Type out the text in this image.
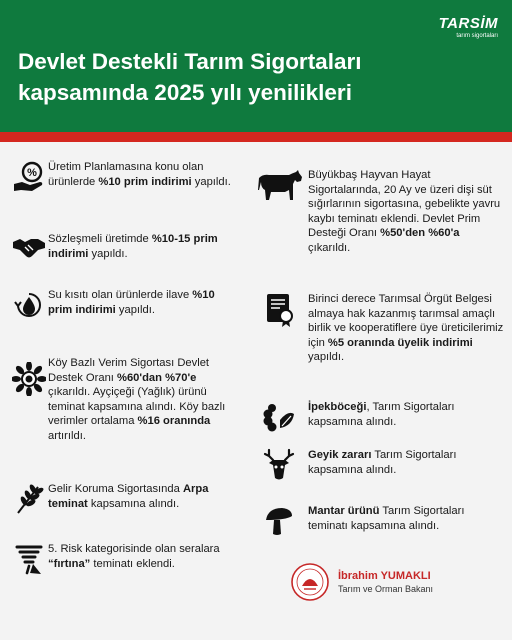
TARSİM
tarım sigortaları
Devlet Destekli Tarım Sigortaları kapsamında 2025 yılı yenilikleri
% Üretim Planlamasına konu olan ürünlerde %10 prim indirimi yapıldı.
Sözleşmeli üretimde %10-15 prim indirimi yapıldı.
Su kısıtı olan ürünlerde ilave %10 prim indirimi yapıldı.
Köy Bazlı Verim Sigortası Devlet Destek Oranı %60'dan %70'e çıkarıldı. Ayçiçeği (Yağlık) ürünü teminat kapsamına alındı. Köy bazlı verimler ortalama %16 oranında artırıldı.
Gelir Koruma Sigortasında Arpa teminat kapsamına alındı.
5. Risk kategorisinde olan seralara “fırtına” teminatı eklendi.
Büyükbaş Hayvan Hayat Sigortalarında, 20 Ay ve üzeri dişi süt sığırlarının sigortasına, gebelikte yavru kaybı teminatı eklendi. Devlet Prim Desteği Oranı %50'den %60'a çıkarıldı.
Birinci derece Tarımsal Örgüt Belgesi almaya hak kazanmış tarımsal amaçlı birlik ve kooperatiflere üye üreticilerimiz için %5 oranında üyelik indirimi yapıldı.
İpekböceği, Tarım Sigortaları kapsamına alındı.
Geyik zararı Tarım Sigortaları kapsamına alındı.
Mantar ürünü Tarım Sigortaları teminatı kapsamına alındı.
İbrahim YUMAKLI
Tarım ve Orman Bakanı
